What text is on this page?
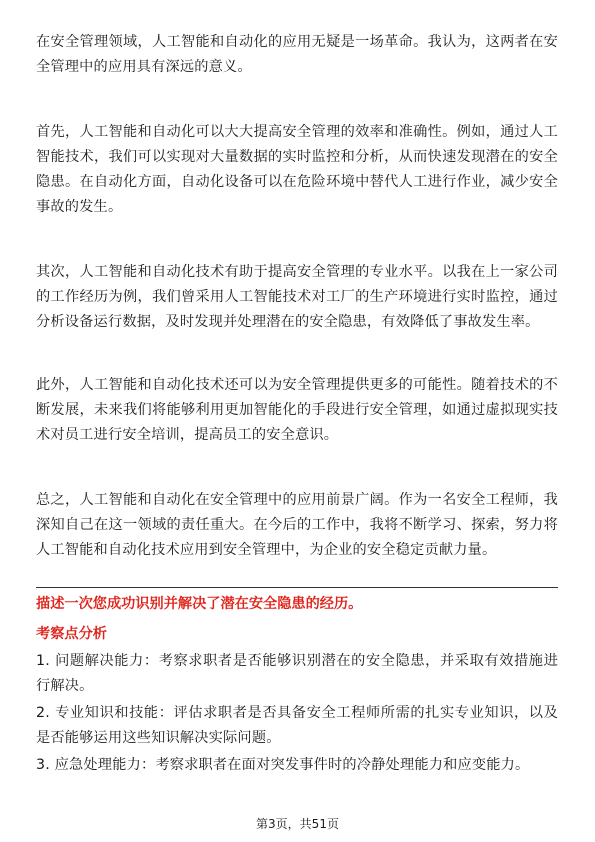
在安全管理领域，人工智能和自动化的应用无疑是一场革命。我认为，这两者在安全管理中的应用具有深远的意义。

首先，人工智能和自动化可以大大提高安全管理的效率和准确性。例如，通过人工智能技术，我们可以实现对大量数据的实时监控和分析，从而快速发现潜在的安全隐患。在自动化方面，自动化设备可以在危险环境中替代人工进行作业，减少安全事故的发生。

其次，人工智能和自动化技术有助于提高安全管理的专业水平。以我在上一家公司的工作经历为例，我们曾采用人工智能技术对工厂的生产环境进行实时监控，通过分析设备运行数据，及时发现并处理潜在的安全隐患，有效降低了事故发生率。

此外，人工智能和自动化技术还可以为安全管理提供更多的可能性。随着技术的不断发展，未来我们将能够利用更加智能化的手段进行安全管理，如通过虚拟现实技术对员工进行安全培训，提高员工的安全意识。

总之，人工智能和自动化在安全管理中的应用前景广阔。作为一名安全工程师，我深知自己在这一领域的责任重大。在今后的工作中，我将不断学习、探索，努力将人工智能和自动化技术应用到安全管理中，为企业的安全稳定贡献力量。

描述一次您成功识别并解决了潜在安全隐患的经历。

考察点分析

1. 问题解决能力：考察求职者是否能够识别潜在的安全隐患，并采取有效措施进行解决。
2. 专业知识和技能：评估求职者是否具备安全工程师所需的扎实专业知识，以及是否能够运用这些知识解决实际问题。
3. 应急处理能力：考察求职者在面对突发事件时的冷静处理能力和应变能力。
第3页，共51页
